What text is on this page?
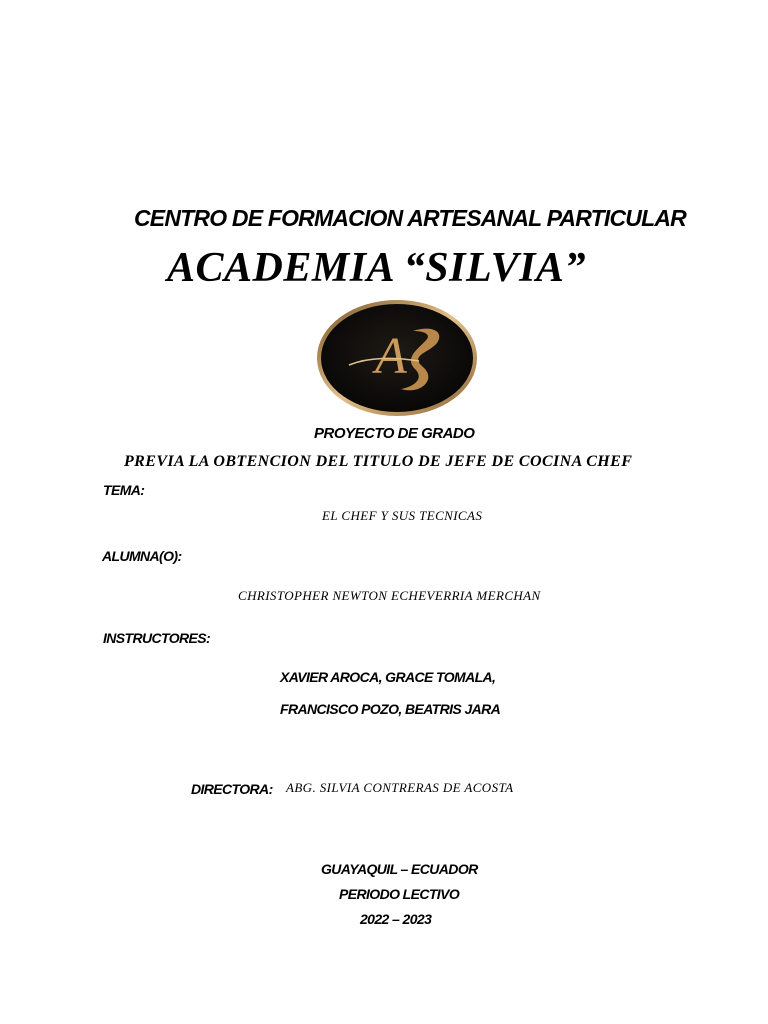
CENTRO DE FORMACION ARTESANAL PARTICULAR
ACADEMIA “SILVIA”
A
PROYECTO DE GRADO
PREVIA LA OBTENCION DEL TITULO DE JEFE DE COCINA CHEF
TEMA:
EL CHEF Y SUS TECNICAS
ALUMNA(O):
CHRISTOPHER NEWTON ECHEVERRIA MERCHAN
INSTRUCTORES:
XAVIER AROCA, GRACE TOMALA,
FRANCISCO POZO, BEATRIS JARA
DIRECTORA: ABG. SILVIA CONTRERAS DE ACOSTA
GUAYAQUIL – ECUADOR
PERIODO LECTIVO
2022 – 2023
